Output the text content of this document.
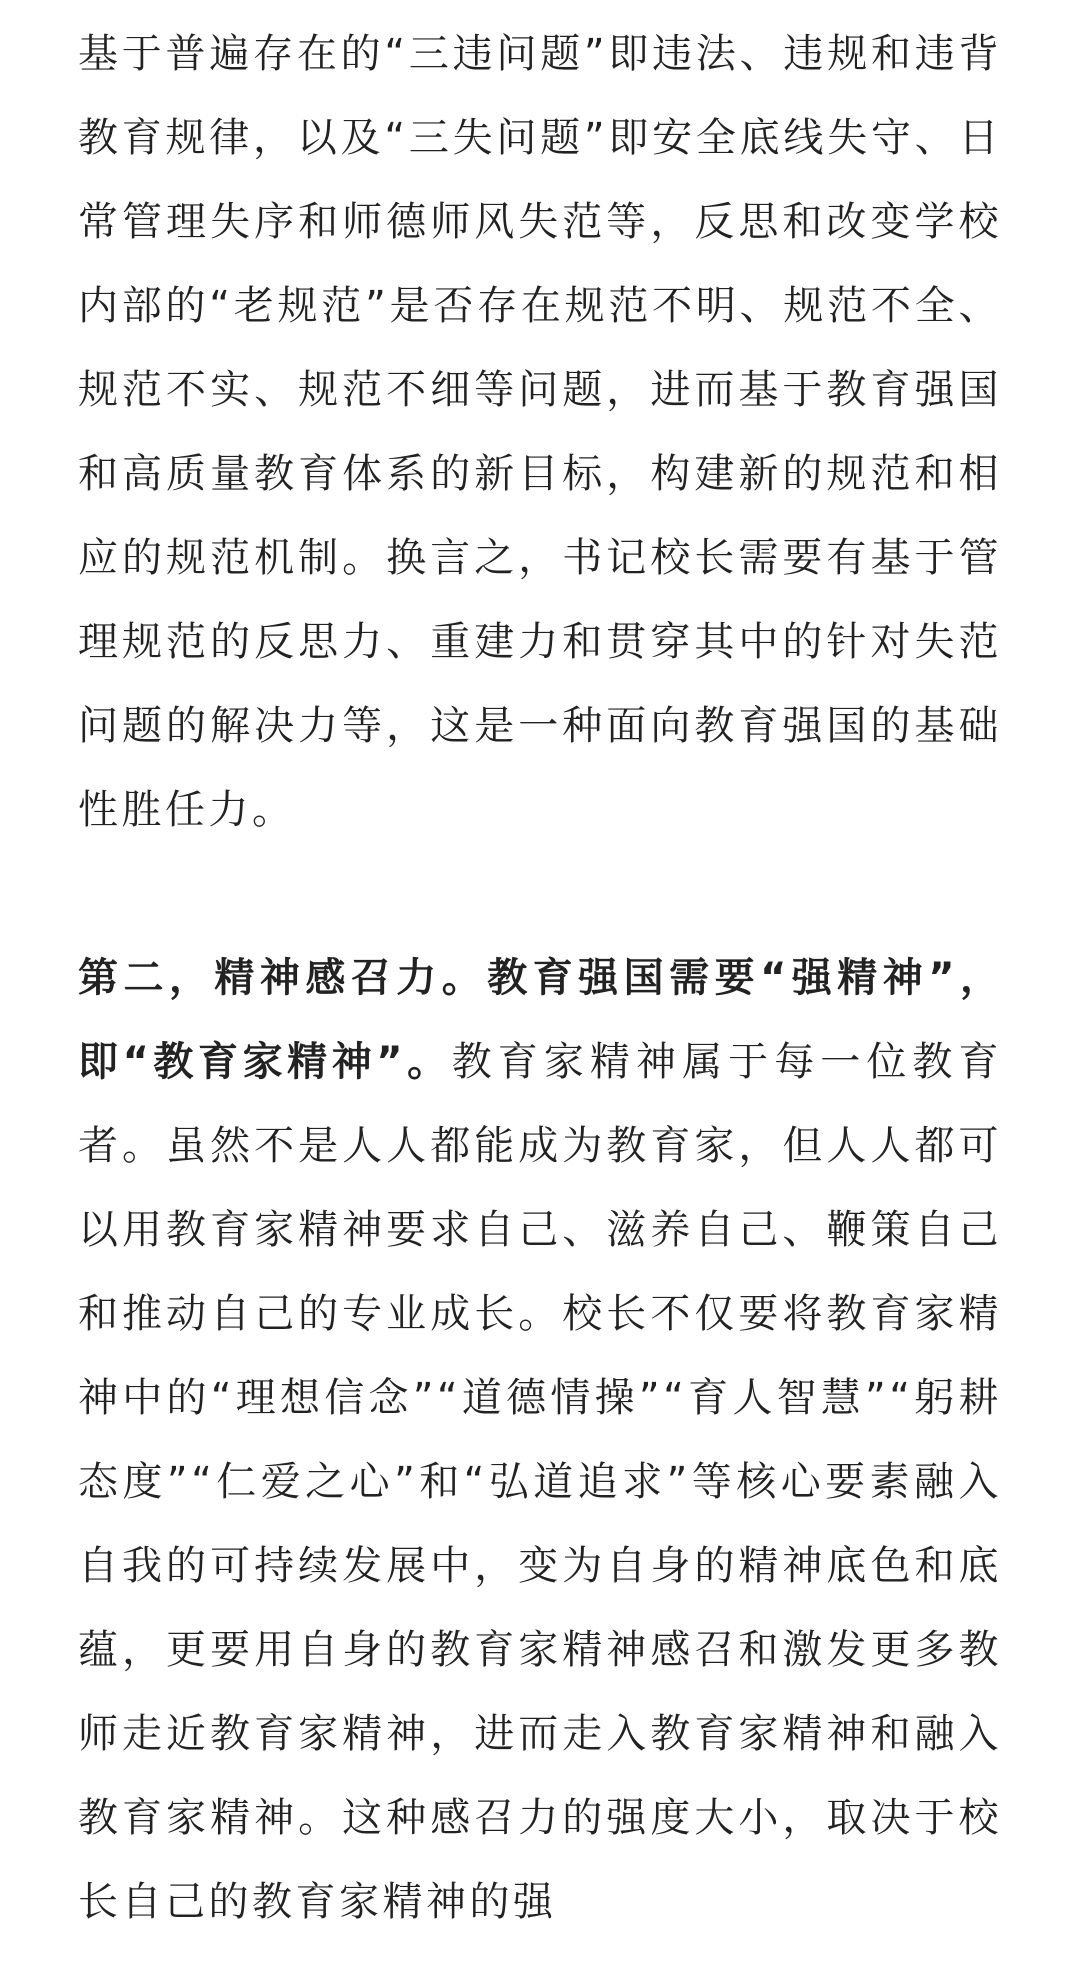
基于普遍存在的“三违问题”即违法、违规和违背教育规律，以及“三失问题”即安全底线失守、日常管理失序和师德师风失范等，反思和改变学校内部的“老规范”是否存在规范不明、规范不全、规范不实、规范不细等问题，进而基于教育强国和高质量教育体系的新目标，构建新的规范和相应的规范机制。换言之，书记校长需要有基于管理规范的反思力、重建力和贯穿其中的针对失范问题的解决力等，这是一种面向教育强国的基础性胜任力。

第二，精神感召力。教育强国需要“强精神”，即“教育家精神”。教育家精神属于每一位教育者。虽然不是人人都能成为教育家，但人人都可以用教育家精神要求自己、滋养自己、鞭策自己和推动自己的专业成长。校长不仅要将教育家精神中的“理想信念”“道德情操”“育人智慧”“躬耕态度”“仁爱之心”和“弘道追求”等核心要素融入自我的可持续发展中，变为自身的精神底色和底蕴，更要用自身的教育家精神感召和激发更多教师走近教育家精神，进而走入教育家精神和融入教育家精神。这种感召力的强度大小，取决于校长自己的教育家精神的强
